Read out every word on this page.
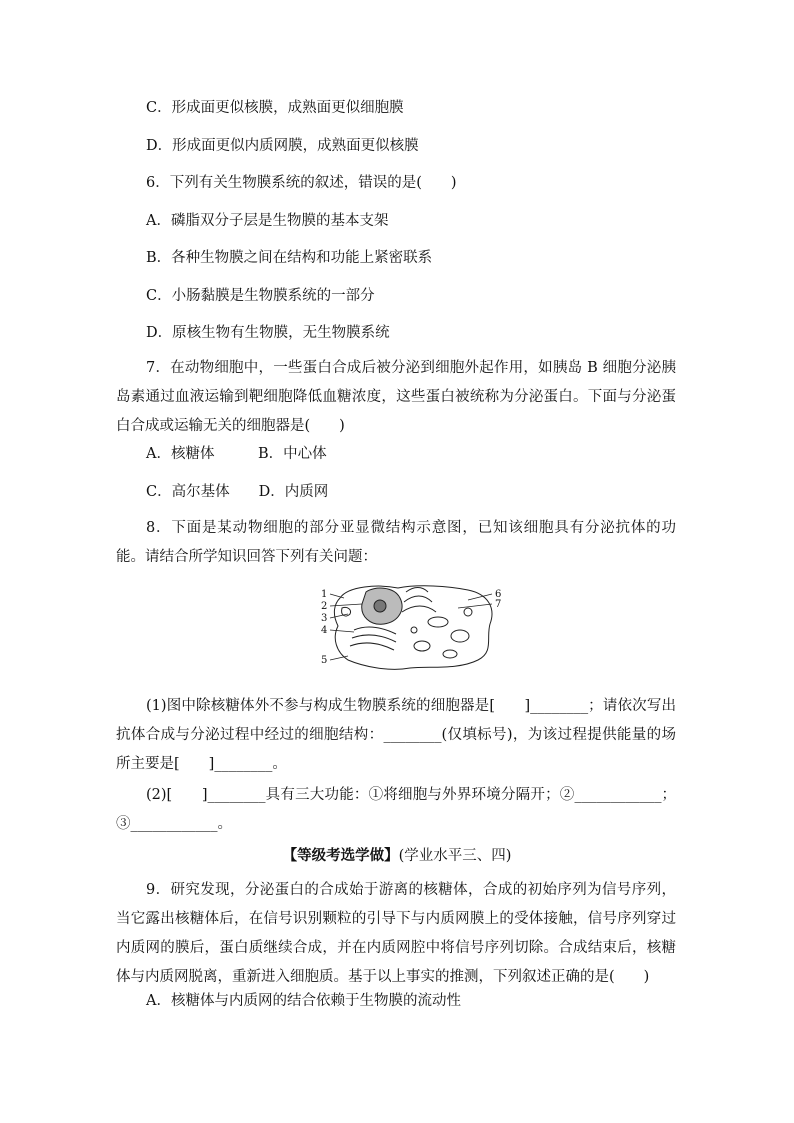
C．形成面更似核膜，成熟面更似细胞膜
D．形成面更似内质网膜，成熟面更似核膜
6．下列有关生物膜系统的叙述，错误的是(　　)
A．磷脂双分子层是生物膜的基本支架
B．各种生物膜之间在结构和功能上紧密联系
C．小肠黏膜是生物膜系统的一部分
D．原核生物有生物膜，无生物膜系统
7．在动物细胞中，一些蛋白合成后被分泌到细胞外起作用，如胰岛 B 细胞分泌胰岛素通过血液运输到靶细胞降低血糖浓度，这些蛋白被统称为分泌蛋白。下面与分泌蛋白合成或运输无关的细胞器是(　　)
A．核糖体　　　B．中心体
C．高尔基体　　D．内质网
8．下面是某动物细胞的部分亚显微结构示意图，已知该细胞具有分泌抗体的功能。请结合所学知识回答下列有关问题：
1
2
3
4
5
6
7
(1)图中除核糖体外不参与构成生物膜系统的细胞器是[　　]________；请依次写出抗体合成与分泌过程中经过的细胞结构：________(仅填标号)，为该过程提供能量的场所主要是[　　]________。
(2)[　　]________具有三大功能：①将细胞与外界环境分隔开；②____________；③____________。
【等级考选学做】(学业水平三、四)
9．研究发现，分泌蛋白的合成始于游离的核糖体，合成的初始序列为信号序列，当它露出核糖体后，在信号识别颗粒的引导下与内质网膜上的受体接触，信号序列穿过内质网的膜后，蛋白质继续合成，并在内质网腔中将信号序列切除。合成结束后，核糖体与内质网脱离，重新进入细胞质。基于以上事实的推测，下列叙述正确的是(　　)
A．核糖体与内质网的结合依赖于生物膜的流动性
